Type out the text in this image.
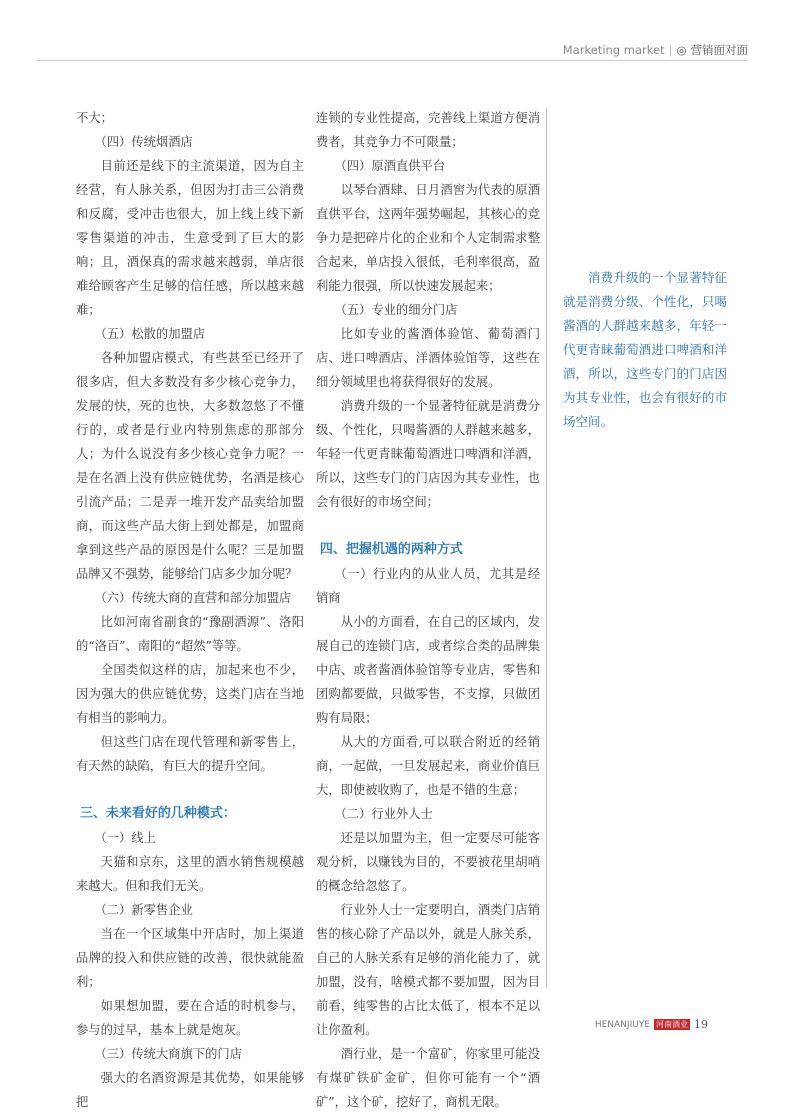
Marketing market | ◎ 营销面对面

不大；

（四）传统烟酒店

目前还是线下的主流渠道，因为自主经营，有人脉关系，但因为打击三公消费和反腐，受冲击也很大，加上线上线下新零售渠道的冲击，生意受到了巨大的影响；且，酒保真的需求越来越弱，单店很难给顾客产生足够的信任感，所以越来越难；

（五）松散的加盟店

各种加盟店模式，有些甚至已经开了很多店，但大多数没有多少核心竞争力，发展的快，死的也快，大多数忽悠了不懂行的，或者是行业内特别焦虑的那部分人；为什么说没有多少核心竞争力呢？一是在名酒上没有供应链优势，名酒是核心引流产品；二是弄一堆开发产品卖给加盟商，而这些产品大街上到处都是，加盟商拿到这些产品的原因是什么呢？三是加盟品牌又不强势，能够给门店多少加分呢？

（六）传统大商的直营和部分加盟店

比如河南省副食的“豫副酒源”、洛阳的“洛百”、南阳的“超然”等等。

全国类似这样的店，加起来也不少，因为强大的供应链优势，这类门店在当地有相当的影响力。

但这些门店在现代管理和新零售上，有天然的缺陷，有巨大的提升空间。

三、未来看好的几种模式：

（一）线上

天猫和京东，这里的酒水销售规模越来越大。但和我们无关。

（二）新零售企业

当在一个区域集中开店时，加上渠道品牌的投入和供应链的改善，很快就能盈利；

如果想加盟，要在合适的时机参与，参与的过早，基本上就是炮灰。

（三）传统大商旗下的门店

强大的名酒资源是其优势，如果能够把

连锁的专业性提高，完善线上渠道方便消费者，其竞争力不可限量；

（四）原酒直供平台

以琴台酒肆、日月酒窖为代表的原酒直供平台，这两年强势崛起，其核心的竞争力是把碎片化的企业和个人定制需求整合起来，单店投入很低，毛利率很高，盈利能力很强，所以快速发展起来；

（五）专业的细分门店

比如专业的酱酒体验馆、葡萄酒门店、进口啤酒店、洋酒体验馆等，这些在细分领域里也将获得很好的发展。

消费升级的一个显著特征就是消费分级、个性化，只喝酱酒的人群越来越多，年轻一代更青睐葡萄酒进口啤酒和洋酒，所以，这些专门的门店因为其专业性，也会有很好的市场空间；

四、把握机遇的两种方式

（一）行业内的从业人员，尤其是经销商

从小的方面看，在自己的区域内，发展自己的连锁门店，或者综合类的品牌集中店、或者酱酒体验馆等专业店，零售和团购都要做，只做零售，不支撑，只做团购有局限；

从大的方面看,可以联合附近的经销商，一起做，一旦发展起来，商业价值巨大，即使被收购了，也是不错的生意；

（二）行业外人士

还是以加盟为主，但一定要尽可能客观分析，以赚钱为目的，不要被花里胡哨的概念给忽悠了。

行业外人士一定要明白，酒类门店销售的核心除了产品以外，就是人脉关系，自己的人脉关系有足够的消化能力了，就加盟，没有，啥模式都不要加盟，因为目前看，纯零售的占比太低了，根本不足以让你盈利。

酒行业，是一个富矿，你家里可能没有煤矿铁矿金矿，但你可能有一个“酒矿”，这个矿，挖好了，商机无限。

消费升级的一个显著特征就是消费分级、个性化，只喝酱酒的人群越来越多，年轻一代更青睐葡萄酒进口啤酒和洋酒，所以，这些专门的门店因为其专业性，也会有很好的市场空间。
HENANJIUYE 河南酒业 19
